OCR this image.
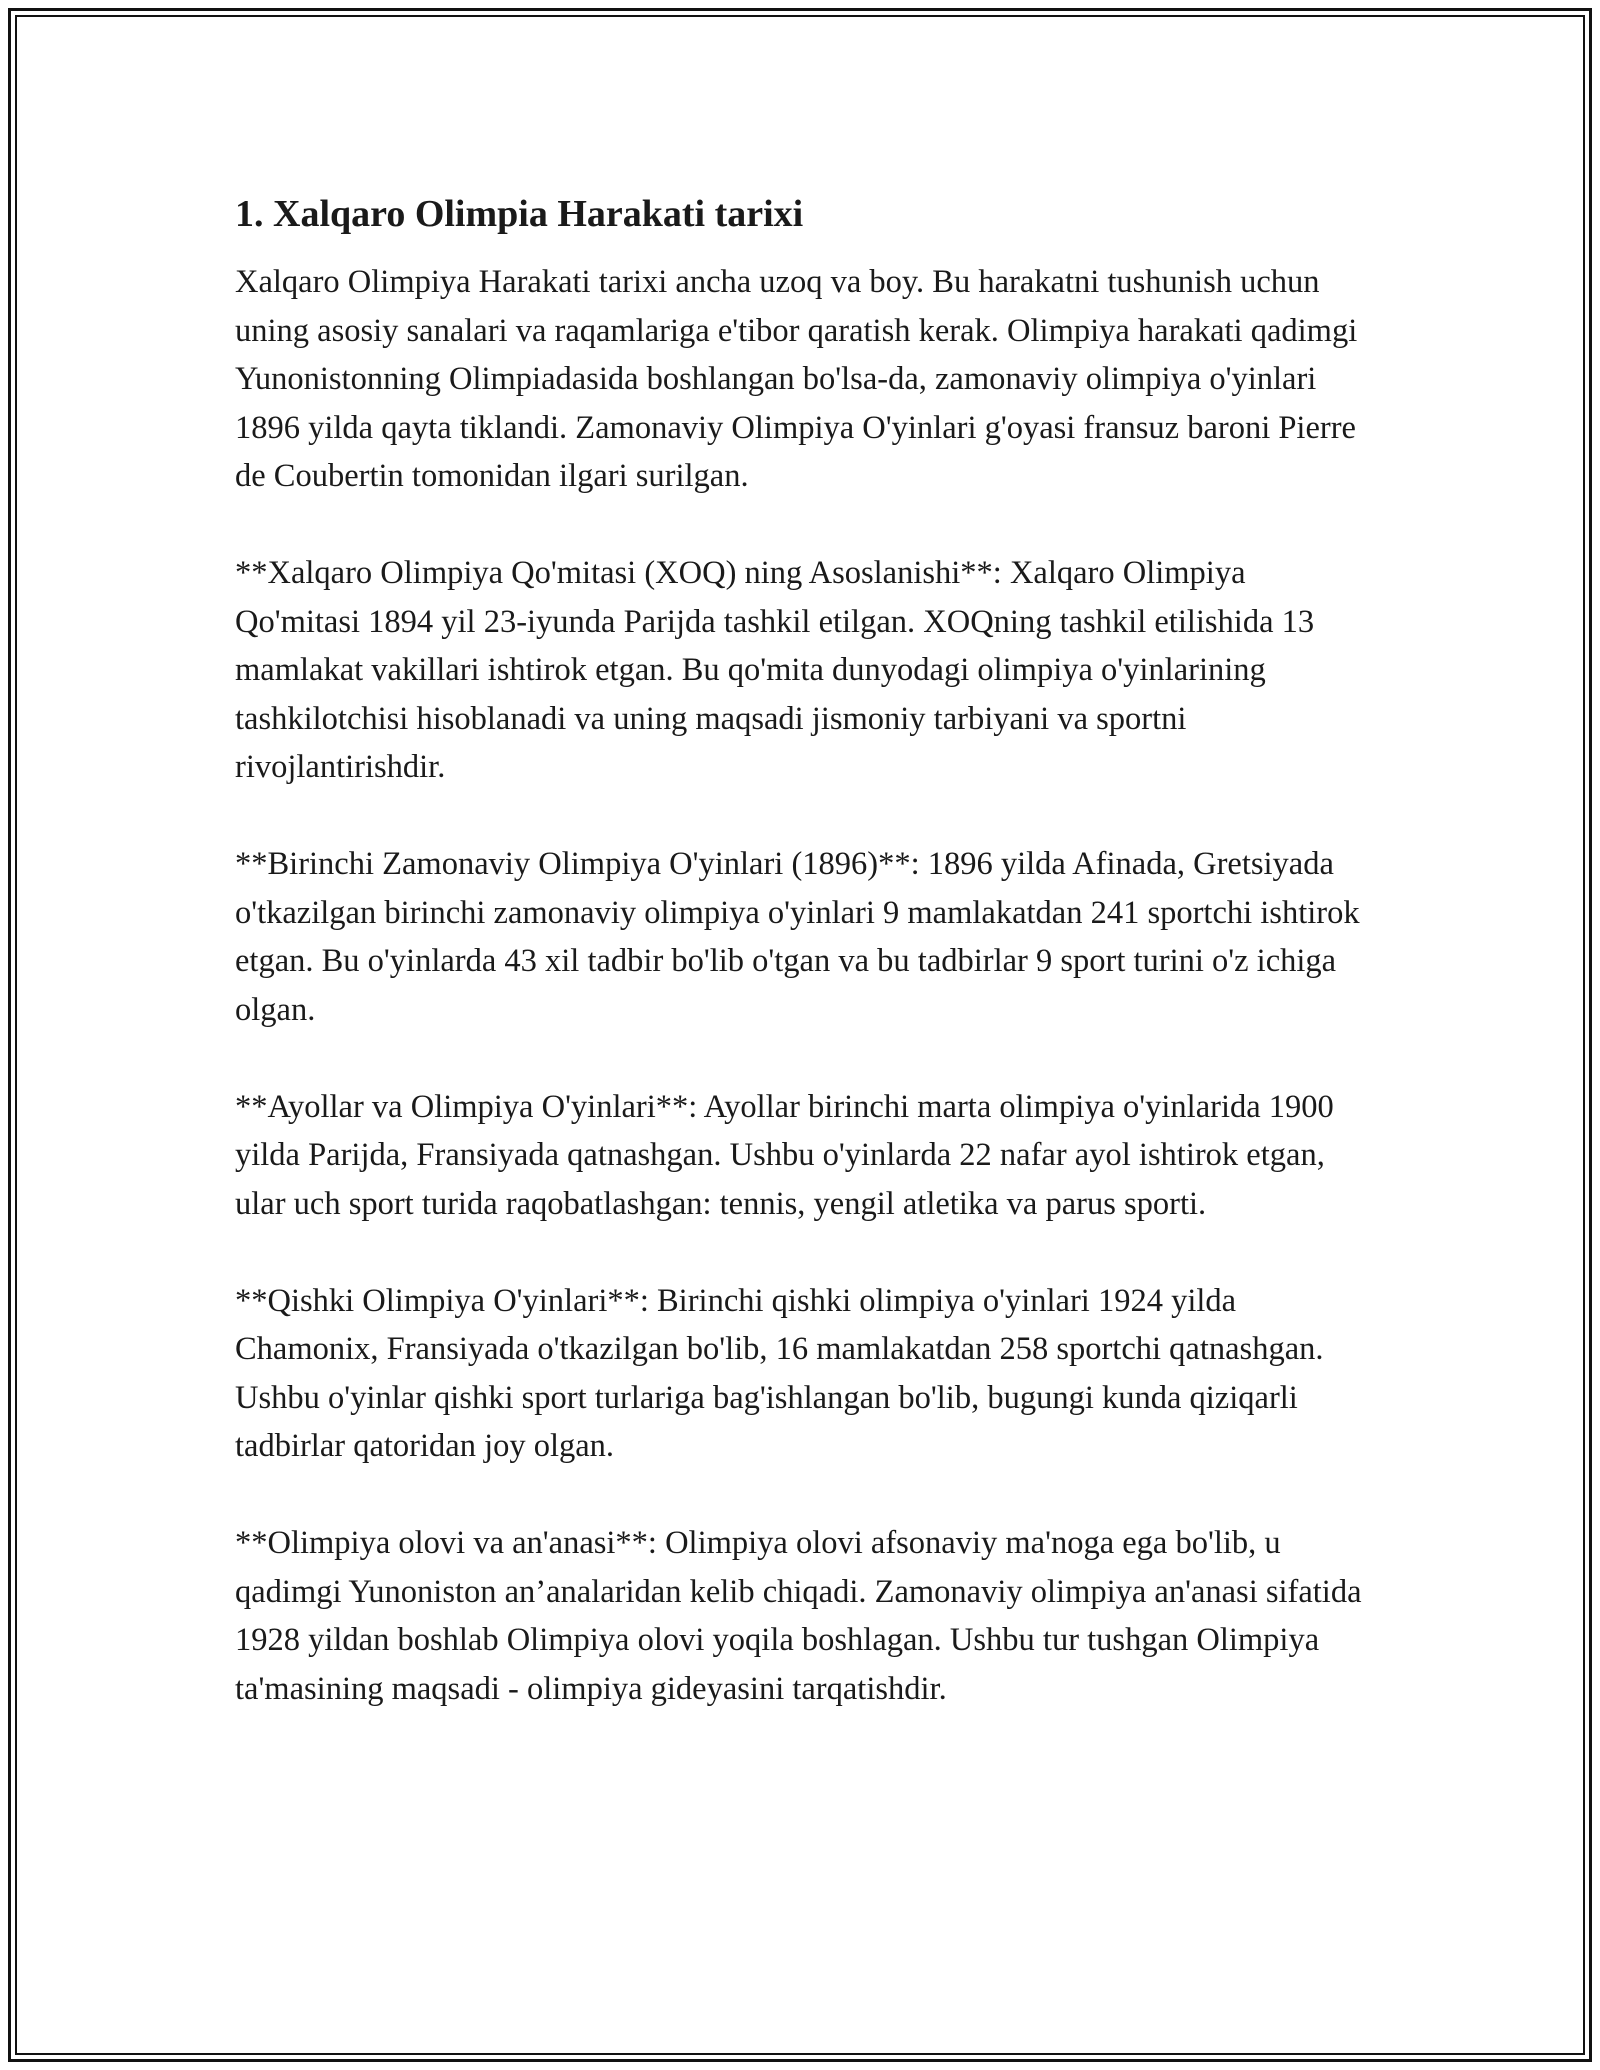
1. Xalqaro Olimpia Harakati tarixi

Xalqaro Olimpiya Harakati tarixi ancha uzoq va boy. Bu harakatni tushunish uchun uning asosiy sanalari va raqamlariga e'tibor qaratish kerak. Olimpiya harakati qadimgi Yunonistonning Olimpiadasida boshlangan bo'lsa-da, zamonaviy olimpiya o'yinlari 1896 yilda qayta tiklandi. Zamonaviy Olimpiya O'yinlari g'oyasi fransuz baroni Pierre de Coubertin tomonidan ilgari surilgan.

**Xalqaro Olimpiya Qo'mitasi (XOQ) ning Asoslanishi**: Xalqaro Olimpiya Qo'mitasi 1894 yil 23-iyunda Parijda tashkil etilgan. XOQning tashkil etilishida 13 mamlakat vakillari ishtirok etgan. Bu qo'mita dunyodagi olimpiya o'yinlarining tashkilotchisi hisoblanadi va uning maqsadi jismoniy tarbiyani va sportni rivojlantirishdir.

**Birinchi Zamonaviy Olimpiya O'yinlari (1896)**: 1896 yilda Afinada, Gretsiyada o'tkazilgan birinchi zamonaviy olimpiya o'yinlari 9 mamlakatdan 241 sportchi ishtirok etgan. Bu o'yinlarda 43 xil tadbir bo'lib o'tgan va bu tadbirlar 9 sport turini o'z ichiga olgan.

**Ayollar va Olimpiya O'yinlari**: Ayollar birinchi marta olimpiya o'yinlarida 1900 yilda Parijda, Fransiyada qatnashgan. Ushbu o'yinlarda 22 nafar ayol ishtirok etgan, ular uch sport turida raqobatlashgan: tennis, yengil atletika va parus sporti.

**Qishki Olimpiya O'yinlari**: Birinchi qishki olimpiya o'yinlari 1924 yilda Chamonix, Fransiyada o'tkazilgan bo'lib, 16 mamlakatdan 258 sportchi qatnashgan. Ushbu o'yinlar qishki sport turlariga bag'ishlangan bo'lib, bugungi kunda qiziqarli tadbirlar qatoridan joy olgan.

**Olimpiya olovi va an'anasi**: Olimpiya olovi afsonaviy ma'noga ega bo'lib, u qadimgi Yunoniston an’analaridan kelib chiqadi. Zamonaviy olimpiya an'anasi sifatida 1928 yildan boshlab Olimpiya olovi yoqila boshlagan. Ushbu tur tushgan Olimpiya ta'masining maqsadi - olimpiya gideyasini tarqatishdir.
